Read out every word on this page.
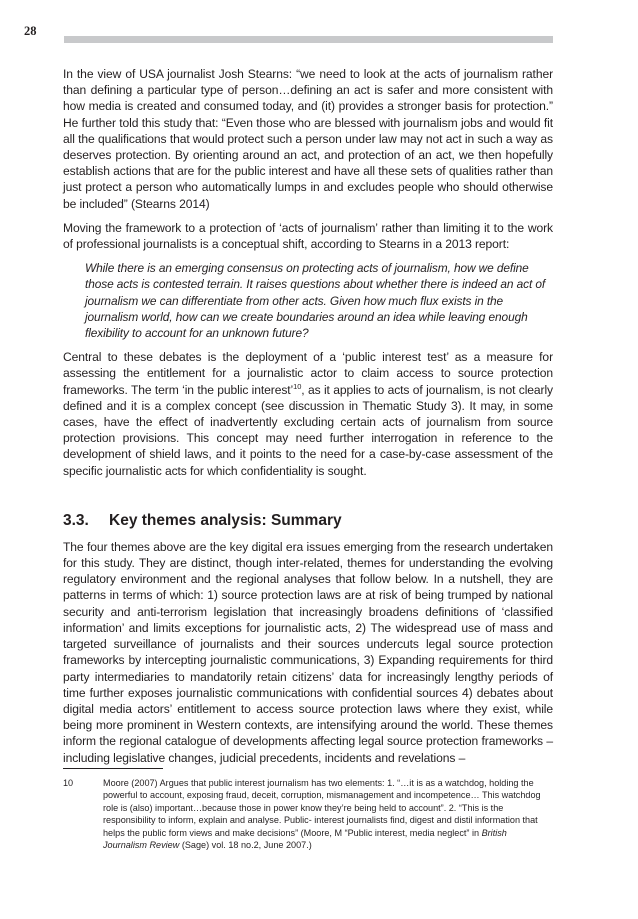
28

In the view of USA journalist Josh Stearns: “we need to look at the acts of journalism rather than defining a particular type of person…defining an act is safer and more consistent with how media is created and consumed today, and (it) provides a stronger basis for protection.” He further told this study that: “Even those who are blessed with journalism jobs and would fit all the qualifications that would protect such a person under law may not act in such a way as deserves protection. By orienting around an act, and protection of an act, we then hopefully establish actions that are for the public interest and have all these sets of qualities rather than just protect a person who automatically lumps in and excludes people who should otherwise be included” (Stearns 2014)

Moving the framework to a protection of ‘acts of journalism’ rather than limiting it to the work of professional journalists is a conceptual shift, according to Stearns in a 2013 report:

While there is an emerging consensus on protecting acts of journalism, how we define those acts is contested terrain. It raises questions about whether there is indeed an act of journalism we can differentiate from other acts. Given how much flux exists in the journalism world, how can we create boundaries around an idea while leaving enough flexibility to account for an unknown future?

Central to these debates is the deployment of a ‘public interest test’ as a measure for assessing the entitlement for a journalistic actor to claim access to source protection frameworks. The term ‘in the public interest’$^{10}$, as it applies to acts of journalism, is not clearly defined and it is a complex concept (see discussion in Thematic Study 3). It may, in some cases, have the effect of inadvertently excluding certain acts of journalism from source protection provisions. This concept may need further interrogation in reference to the development of shield laws, and it points to the need for a case-by-case assessment of the specific journalistic acts for which confidentiality is sought.

3.3. Key themes analysis: Summary

The four themes above are the key digital era issues emerging from the research undertaken for this study. They are distinct, though inter-related, themes for understanding the evolving regulatory environment and the regional analyses that follow below. In a nutshell, they are patterns in terms of which: 1) source protection laws are at risk of being trumped by national security and anti-terrorism legislation that increasingly broadens definitions of ‘classified information’ and limits exceptions for journalistic acts, 2) The widespread use of mass and targeted surveillance of journalists and their sources undercuts legal source protection frameworks by intercepting journalistic communications, 3) Expanding requirements for third party intermediaries to mandatorily retain citizens’ data for increasingly lengthy periods of time further exposes journalistic communications with confidential sources 4) debates about digital media actors’ entitlement to access source protection laws where they exist, while being more prominent in Western contexts, are intensifying around the world. These themes inform the regional catalogue of developments affecting legal source protection frameworks – including legislative changes, judicial precedents, incidents and revelations –

10	Moore (2007) Argues that public interest journalism has two elements: 1. “…it is as a watchdog, holding the powerful to account, exposing fraud, deceit, corruption, mismanagement and incompetence… This watchdog role is (also) important…because those in power know they’re being held to account”. 2. “This is the responsibility to inform, explain and analyse. Public- interest journalists find, digest and distil information that helps the public form views and make decisions” (Moore, M “Public interest, media neglect” in British Journalism Review (Sage) vol. 18 no.2, June 2007.)
